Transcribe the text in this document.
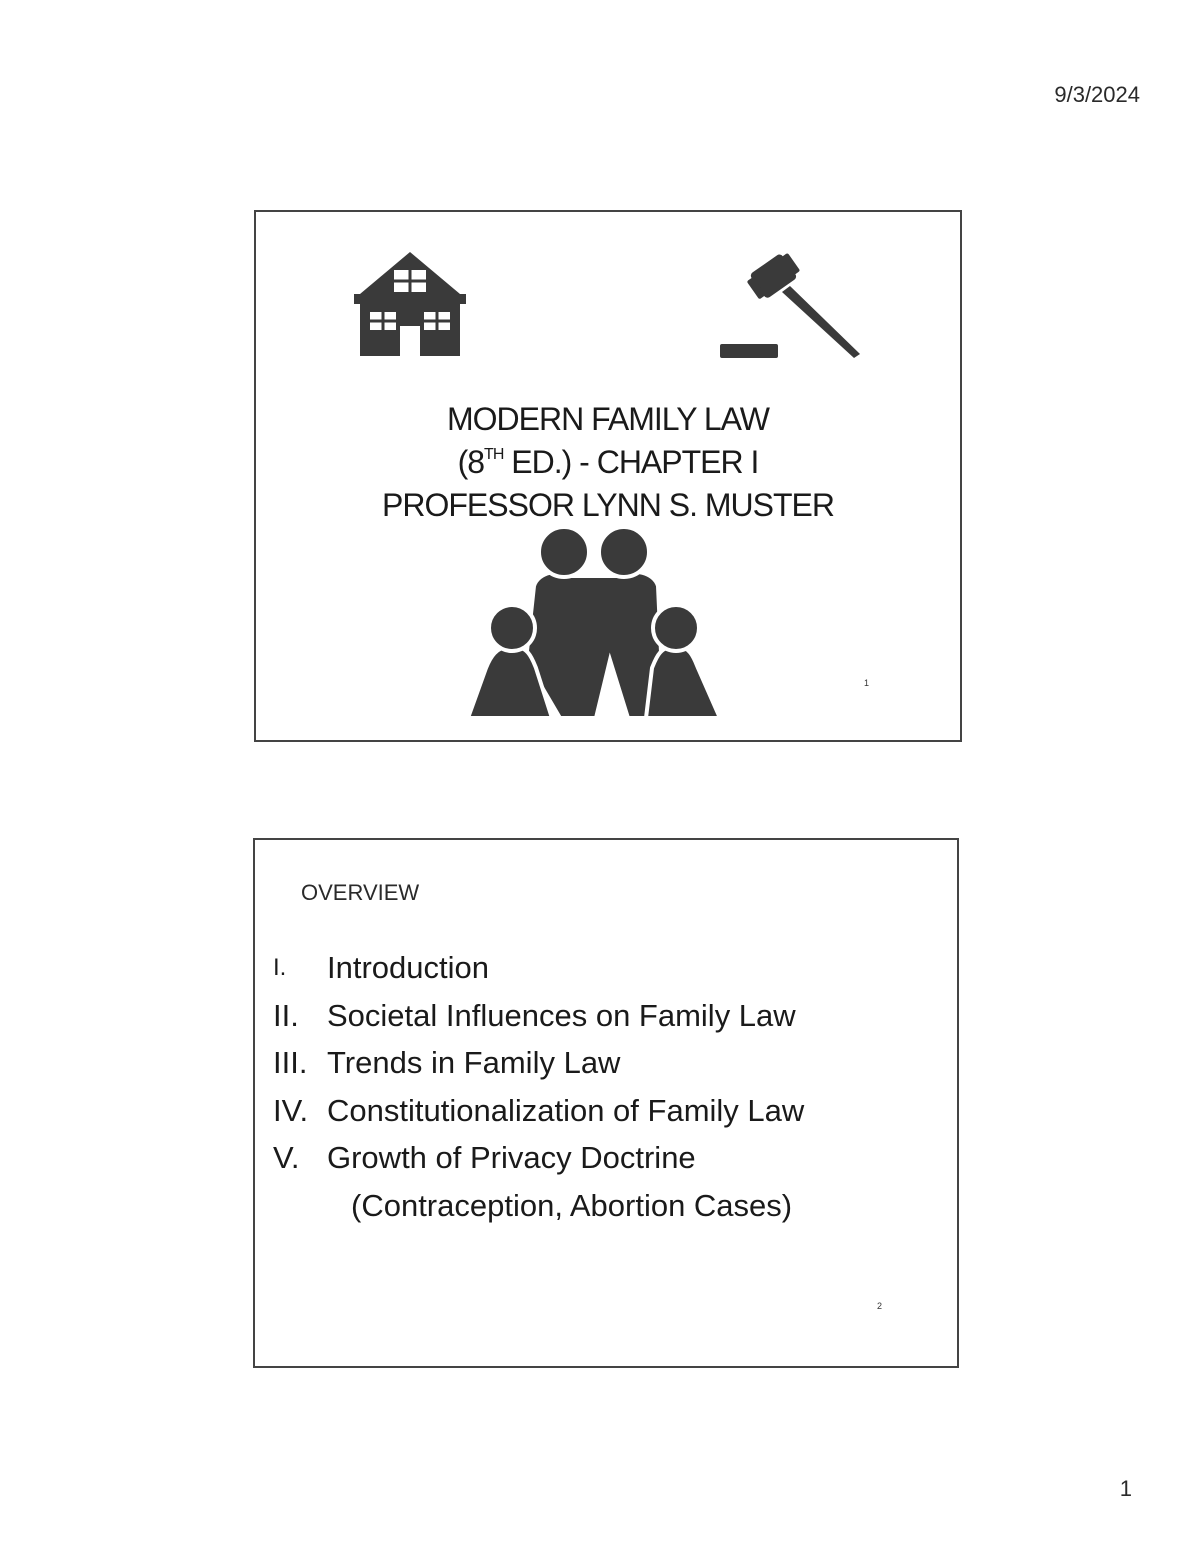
9/3/2024
MODERN FAMILY LAW
(8TH ED.) - CHAPTER I
PROFESSOR LYNN S. MUSTER
1
OVERVIEW
I.	Introduction
II. Societal Influences on Family Law
III. Trends in Family Law
IV. Constitutionalization of Family Law
V. Growth of Privacy Doctrine
(Contraception, Abortion Cases)
2
1
